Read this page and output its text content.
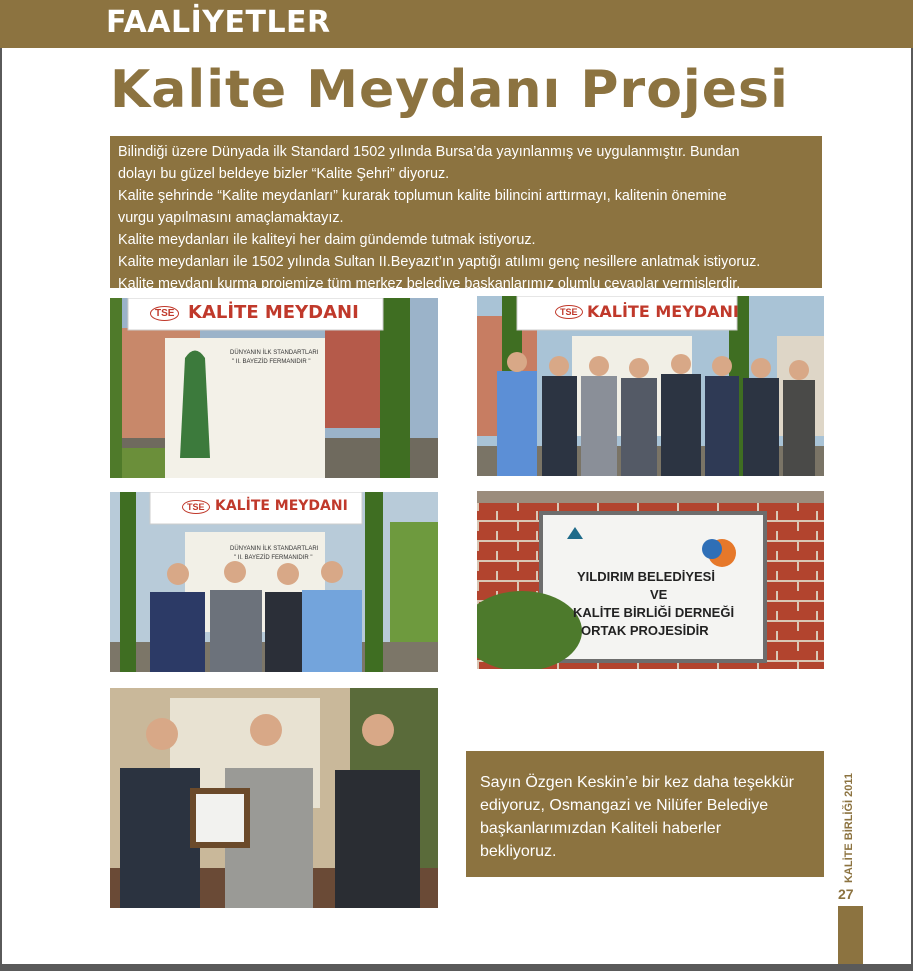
FAALİYETLER
Kalite Meydanı Projesi

Bilindiği üzere Dünyada ilk Standard 1502 yılında Bursa’da yayınlanmış ve uygulanmıştır. Bundan

dolayı bu güzel beldeye bizler “Kalite Şehri” diyoruz.

Kalite şehrinde “Kalite meydanları” kurarak toplumun kalite bilincini arttırmayı, kalitenin önemine

vurgu yapılmasını amaçlamaktayız.

Kalite meydanları ile kaliteyi her daim gündemde tutmak istiyoruz.

Kalite meydanları ile 1502 yılında Sultan II.Beyazıt’ın yaptığı atılımı genç nesillere anlatmak istiyoruz.

Kalite meydanı kurma projemize tüm merkez belediye başkanlarımız olumlu cevaplar vermişlerdir.

KALİTE MEYDANI
TSE
DÜNYANIN İLK STANDARTLARI
" II. BAYEZİD FERMANIDIR "
KALİTE MEYDANI
TSE
KALİTE MEYDANI
TSE
DÜNYANIN İLK STANDARTLARI
" II. BAYEZİD FERMANIDIR "
YILDIRIM BELEDİYESİ
VE
KALİTE BİRLİĞİ DERNEĞİ
ORTAK PROJESİDİR

Sayın Özgen Keskin’e bir kez daha teşekkür

ediyoruz, Osmangazi ve Nilüfer Belediye

başkanlarımızdan Kaliteli haberler

bekliyoruz.	KALİTE BİRLİĞİ 2011
27
